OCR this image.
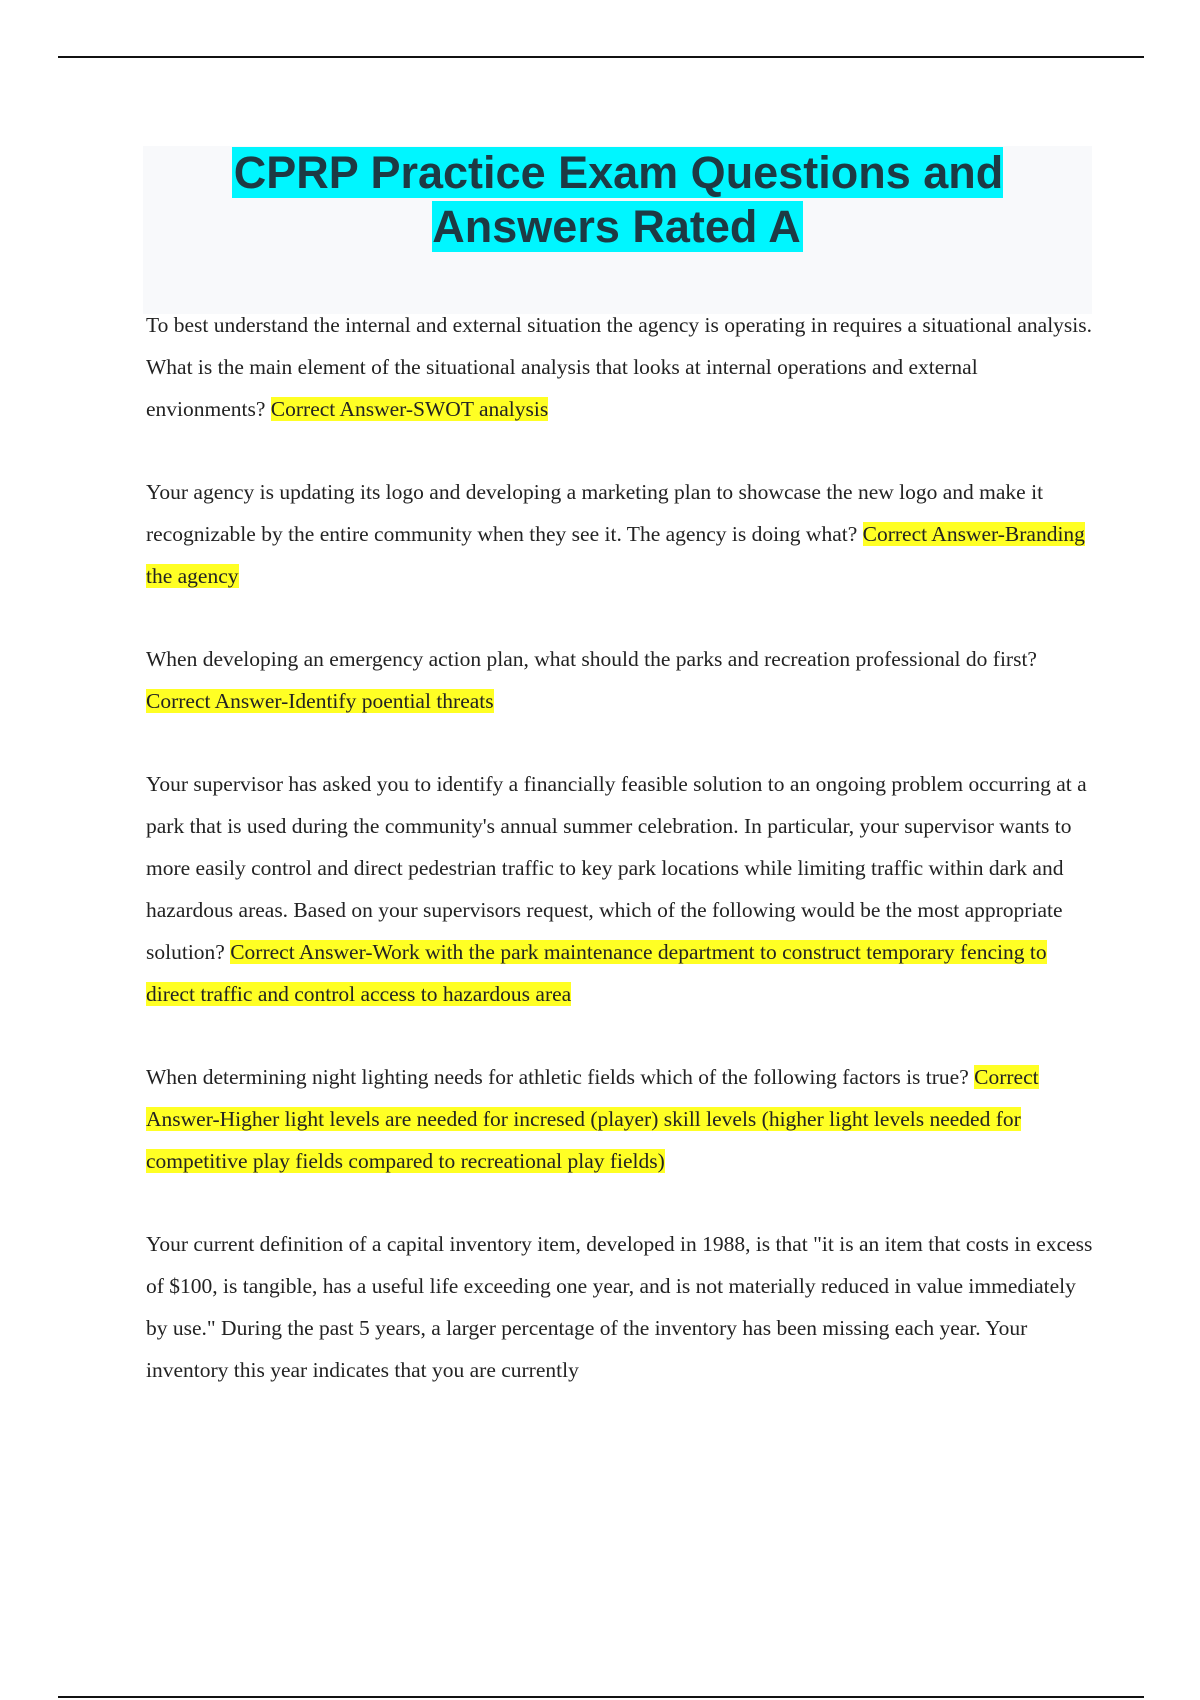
CPRP Practice Exam Questions and Answers Rated A

To best understand the internal and external situation the agency is operating in requires a situational analysis. What is the main element of the situational analysis that looks at internal operations and external envionments? Correct Answer-SWOT analysis

Your agency is updating its logo and developing a marketing plan to showcase the new logo and make it recognizable by the entire community when they see it. The agency is doing what? Correct Answer-Branding the agency

When developing an emergency action plan, what should the parks and recreation professional do first? Correct Answer-Identify poential threats

Your supervisor has asked you to identify a financially feasible solution to an ongoing problem occurring at a park that is used during the community's annual summer celebration. In particular, your supervisor wants to more easily control and direct pedestrian traffic to key park locations while limiting traffic within dark and hazardous areas. Based on your supervisors request, which of the following would be the most appropriate solution? Correct Answer-Work with the park maintenance department to construct temporary fencing to direct traffic and control access to hazardous area

When determining night lighting needs for athletic fields which of the following factors is true? Correct Answer-Higher light levels are needed for incresed (player) skill levels (higher light levels needed for competitive play fields compared to recreational play fields)

Your current definition of a capital inventory item, developed in 1988, is that "it is an item that costs in excess of $100, is tangible, has a useful life exceeding one year, and is not materially reduced in value immediately by use." During the past 5 years, a larger percentage of the inventory has been missing each year. Your inventory this year indicates that you are currently
